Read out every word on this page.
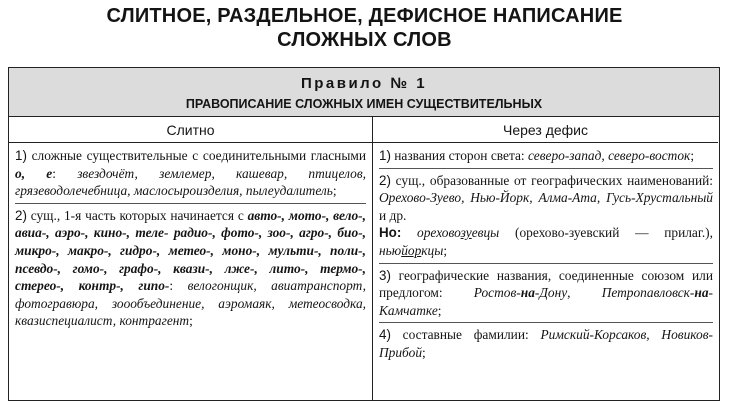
СЛИТНОЕ, РАЗДЕЛЬНОЕ, ДЕФИСНОЕ НАПИСАНИЕ
СЛОЖНЫХ СЛОВ
Правило № 1
ПРАВОПИСАНИЕ СЛОЖНЫХ ИМЕН СУЩЕСТВИТЕЛЬНЫХ
Слитно	Через дефис
1) сложные существительные с соединительными гласными о, е: звездочёт, землемер, кашевар, птицелов, грязеводолечебница, маслосыроизделия, пылеудалитель;
2) сущ., 1-я часть которых начинается с авто-, мото-, вело-, авиа-, аэро-, кино-, теле- радио-, фото-, зоо-, агро-, био-, микро-, макро-, гидро-, метео-, моно-, мульти-, поли-, псевдо-, гомо-, графо-, квази-, лже-, лито-, термо-, стерео-, контр-, гипо-: велогонщик, авиатранспорт, фотогравюра, зоообъединение, аэромаяк, метеосводка, квазиспециалист, контрагент;
1) названия сторон света: северо-запад, северо-восток;
2) сущ., образованные от географических наименований: Орехово-Зуево, Нью-Йорк, Алма-Ата, Гусь-Хрустальный и др.
Но: ореховозуевцы (орехово-зуевский — прилаг.), ньюйоркцы;
3) географические названия, соединенные союзом или предлогом: Ростов-на-Дону, Петропавловск-на-Камчатке;
4) составные фамилии: Римский-Корсаков, Новиков-Прибой;
